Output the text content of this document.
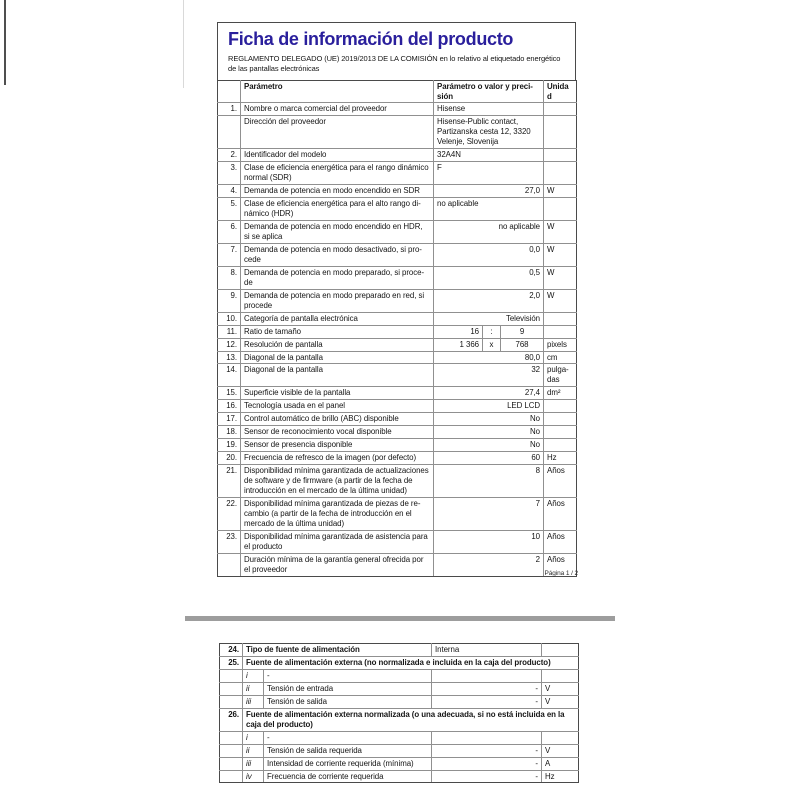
Ficha de información del producto

REGLAMENTO DELEGADO (UE) 2019/2013 DE LA COMISIÓN en lo relativo al etiquetado energético de las pantallas electrónicas

	Parámetro	Parámetro o valor y precisión			Unidad
1.	Nombre o marca comercial del proveedor	Hisense			
	Dirección del proveedor	Hisense-Public contact, Partizanska cesta 12, 3320 Velenje, Slovenija			
2.	Identificador del modelo	32A4N			
3.	Clase de eficiencia energética para el rango dinámico normal (SDR)	F			
4.	Demanda de potencia en modo encendido en SDR	27,0			W
5.	Clase de eficiencia energética para el alto rango dinámico (HDR)	no aplicable			
6.	Demanda de potencia en modo encendido en HDR, si se aplica	no aplicable			W
7.	Demanda de potencia en modo desactivado, si procede	0,0			W
8.	Demanda de potencia en modo preparado, si procede	0,5			W
9.	Demanda de potencia en modo preparado en red, si procede	2,0			W
10.	Categoría de pantalla electrónica	Televisión			
11.	Ratio de tamaño	16	:	9	
12.	Resolución de pantalla	1 366	x	768	pixels
13.	Diagonal de la pantalla	80,0			cm
14.	Diagonal de la pantalla	32			pulgadas
15.	Superficie visible de la pantalla	27,4			dm²
16.	Tecnología usada en el panel	LED LCD			
17.	Control automático de brillo (ABC) disponible	No			
18.	Sensor de reconocimiento vocal disponible	No			
19.	Sensor de presencia disponible	No			
20.	Frecuencia de refresco de la imagen (por defecto)	60			Hz
21.	Disponibilidad mínima garantizada de actualizaciones de software y de firmware (a partir de la fecha de introducción en el mercado de la última unidad)	8			Años
22.	Disponibilidad mínima garantizada de piezas de recambio (a partir de la fecha de introducción en el mercado de la última unidad)	7			Años
23.	Disponibilidad mínima garantizada de asistencia para el producto	10			Años
	Duración mínima de la garantía general ofrecida por el proveedor	2			Años
Página 1 / 2
24.	Tipo de fuente de alimentación		Interna	
25.	Fuente de alimentación externa (no normalizada e incluida en la caja del producto)			
	i	-		
	ii	Tensión de entrada	-	V
	iii	Tensión de salida	-	V
26.	Fuente de alimentación externa normalizada (o una adecuada, si no está incluida en la caja del producto)			
	i	-		
	ii	Tensión de salida requerida	-	V
	iii	Intensidad de corriente requerida (mínima)	-	A
	iv	Frecuencia de corriente requerida	-	Hz
